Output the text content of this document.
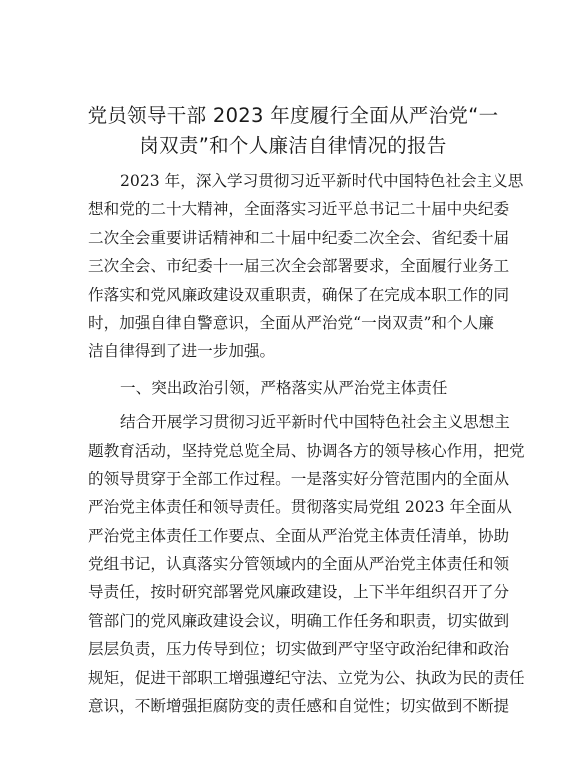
党员领导干部 2023 年度履行全面从严治党“一
岗双责”和个人廉洁自律情况的报告
2023 年，深入学习贯彻习近平新时代中国特色社会主义思
想和党的二十大精神，全面落实习近平总书记二十届中央纪委
二次全会重要讲话精神和二十届中纪委二次全会、省纪委十届
三次全会、市纪委十一届三次全会部署要求，全面履行业务工
作落实和党风廉政建设双重职责，确保了在完成本职工作的同
时，加强自律自警意识，全面从严治党“一岗双责”和个人廉
洁自律得到了进一步加强。
一、突出政治引领，严格落实从严治党主体责任
结合开展学习贯彻习近平新时代中国特色社会主义思想主
题教育活动，坚持党总览全局、协调各方的领导核心作用，把党
的领导贯穿于全部工作过程。一是落实好分管范围内的全面从
严治党主体责任和领导责任。贯彻落实局党组 2023 年全面从
严治党主体责任工作要点、全面从严治党主体责任清单，协助
党组书记，认真落实分管领域内的全面从严治党主体责任和领
导责任，按时研究部署党风廉政建设，上下半年组织召开了分
管部门的党风廉政建设会议，明确工作任务和职责，切实做到
层层负责，压力传导到位；切实做到严守坚守政治纪律和政治
规矩，促进干部职工增强遵纪守法、立党为公、执政为民的责任
意识，不断增强拒腐防变的责任感和自觉性；切实做到不断提
